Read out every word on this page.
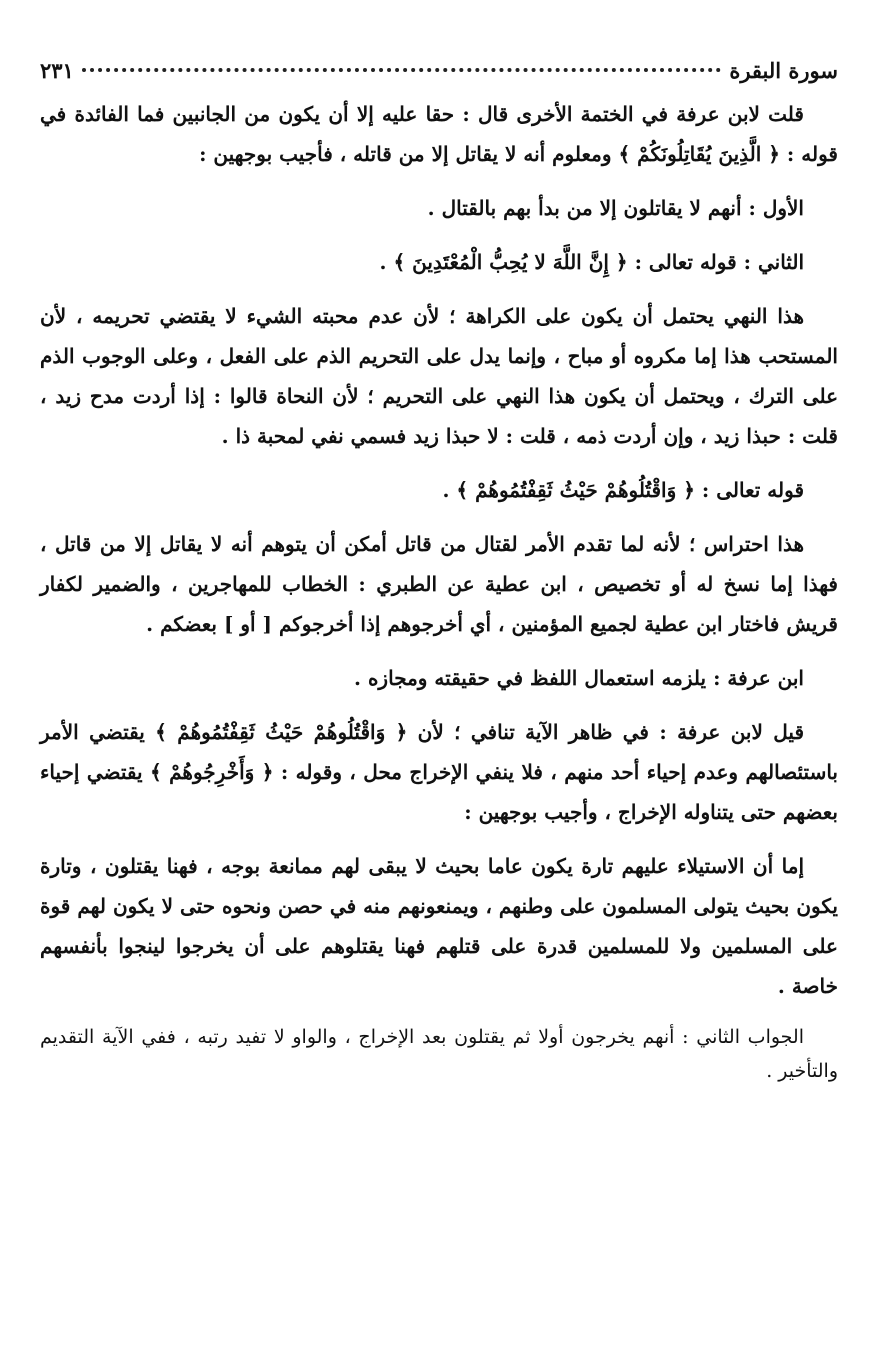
سورة البقرة
٢٣١

قلت لابن عرفة في الختمة الأخرى قال : حقا عليه إلا أن يكون من الجانبين فما الفائدة في قوله : ﴿ الَّذِينَ يُقَاتِلُونَكُمْ ﴾ ومعلوم أنه لا يقاتل إلا من قاتله ، فأجيب بوجهين :

الأول : أنهم لا يقاتلون إلا من بدأ بهم بالقتال .

الثاني : قوله تعالى : ﴿ إِنَّ اللَّهَ لا يُحِبُّ الْمُعْتَدِينَ ﴾ .

هذا النهي يحتمل أن يكون على الكراهة ؛ لأن عدم محبته الشيء لا يقتضي تحريمه ، لأن المستحب هذا إما مكروه أو مباح ، وإنما يدل على التحريم الذم على الفعل ، وعلى الوجوب الذم على الترك ، ويحتمل أن يكون هذا النهي على التحريم ؛ لأن النحاة قالوا : إذا أردت مدح زيد ، قلت : حبذا زيد ، وإن أردت ذمه ، قلت : لا حبذا زيد فسمي نفي لمحبة ذا .

قوله تعالى : ﴿ وَاقْتُلُوهُمْ حَيْثُ ثَقِفْتُمُوهُمْ ﴾ .

هذا احتراس ؛ لأنه لما تقدم الأمر لقتال من قاتل أمكن أن يتوهم أنه لا يقاتل إلا من قاتل ، فهذا إما نسخ له أو تخصيص ، ابن عطية عن الطبري : الخطاب للمهاجرين ، والضمير لكفار قريش فاختار ابن عطية لجميع المؤمنين ، أي أخرجوهم إذا أخرجوكم [ أو ] بعضكم .

ابن عرفة : يلزمه استعمال اللفظ في حقيقته ومجازه .

قيل لابن عرفة : في ظاهر الآية تنافي ؛ لأن ﴿ وَاقْتُلُوهُمْ حَيْثُ ثَقِفْتُمُوهُمْ ﴾ يقتضي الأمر باستئصالهم وعدم إحياء أحد منهم ، فلا ينفي الإخراج محل ، وقوله : ﴿ وَأَخْرِجُوهُمْ ﴾ يقتضي إحياء بعضهم حتى يتناوله الإخراج ، وأجيب بوجهين :

إما أن الاستيلاء عليهم تارة يكون عاما بحيث لا يبقى لهم ممانعة بوجه ، فهنا يقتلون ، وتارة يكون بحيث يتولى المسلمون على وطنهم ، ويمنعونهم منه في حصن ونحوه حتى لا يكون لهم قوة على المسلمين ولا للمسلمين قدرة على قتلهم فهنا يقتلوهم على أن يخرجوا لينجوا بأنفسهم خاصة .

الجواب الثاني : أنهم يخرجون أولا ثم يقتلون بعد الإخراج ، والواو لا تفيد رتبه ، ففي الآية التقديم والتأخير .
